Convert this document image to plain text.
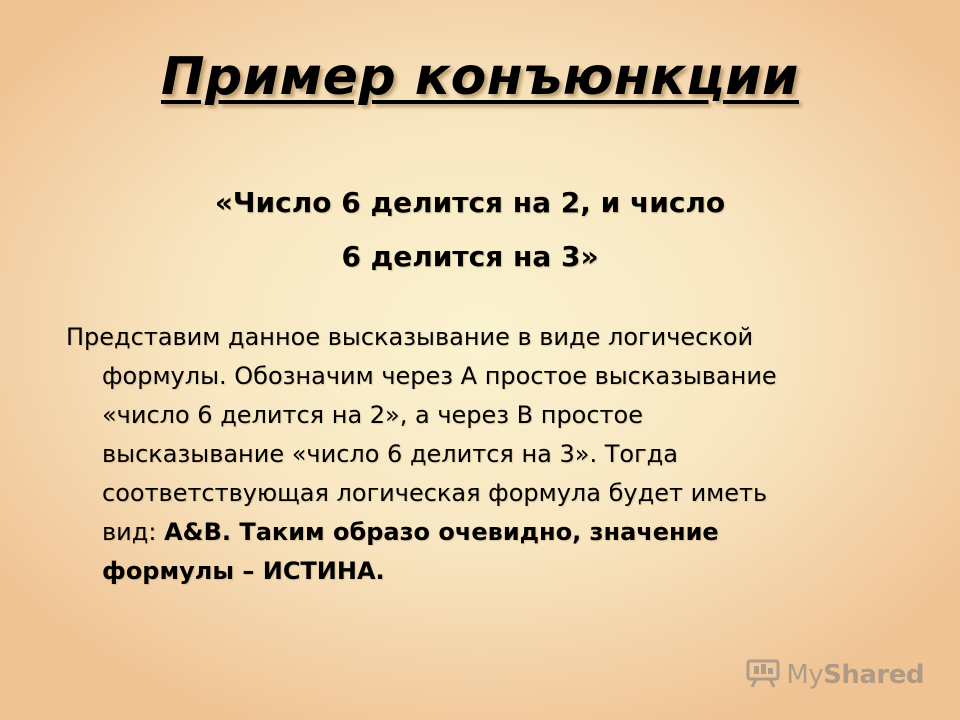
Пример конъюнкции
«Число 6 делится на 2, и число
6 делится на 3»
Представим данное высказывание в виде логической
формулы. Обозначим через А простое высказывание
«число 6 делится на 2», а через В простое
высказывание «число 6 делится на 3». Тогда
соответствующая логическая формула будет иметь
вид: А&В. Таким образо очевидно, значение
формулы – ИСТИНА.
MyShared
